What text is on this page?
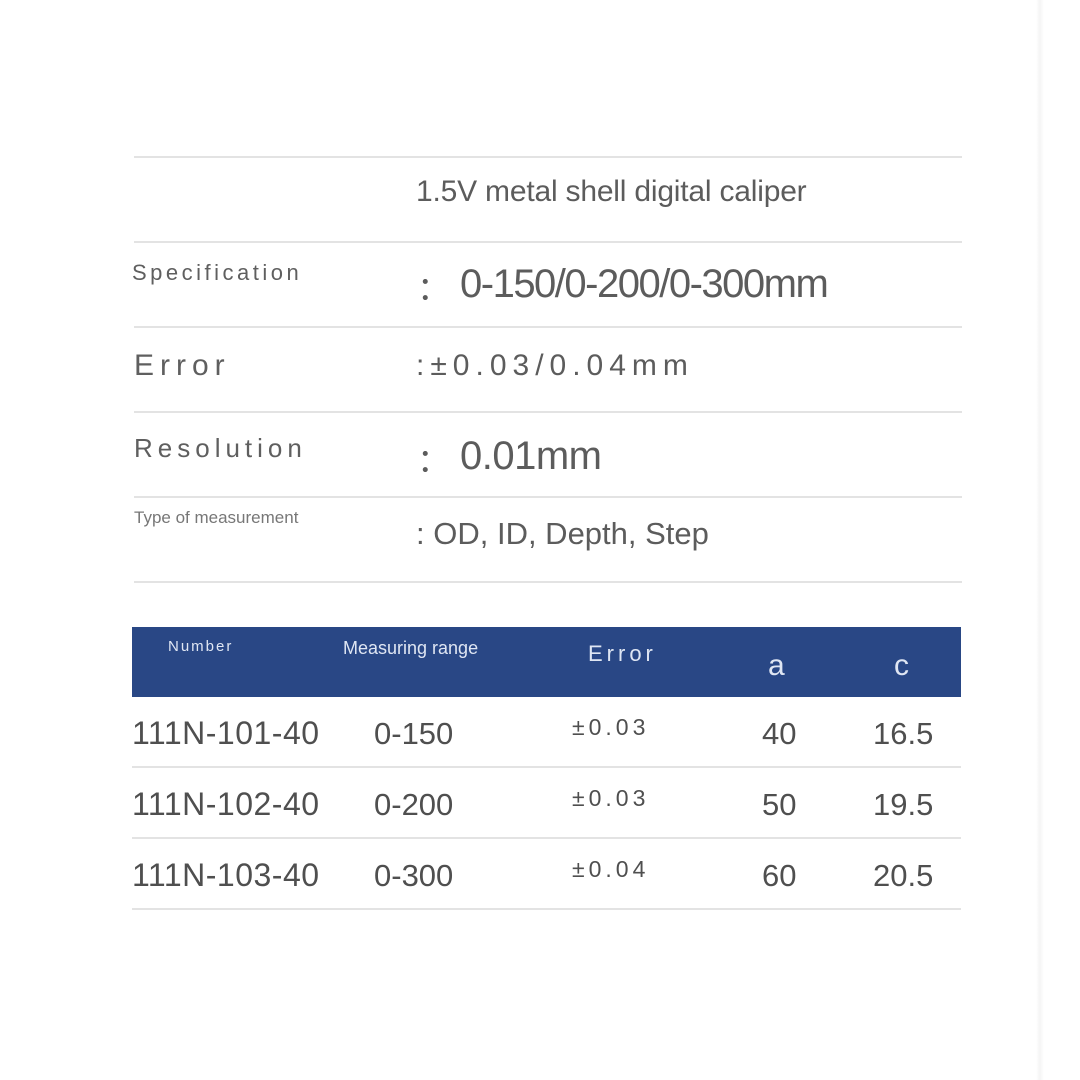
1.5V metal shell digital caliper
Specification	： 0-150/0-200/0-300mm
Error	:±0.03/0.04mm
Resolution	： 0.01mm
Type of measurement	: OD, ID, Depth, Step
Number	Measuring range	Error	a	c
111N-101-40 0-150	±0.03	40 16.5
111N-102-40 0-200	±0.03	50 19.5
111N-103-40 0-300	±0.04	60 20.5
